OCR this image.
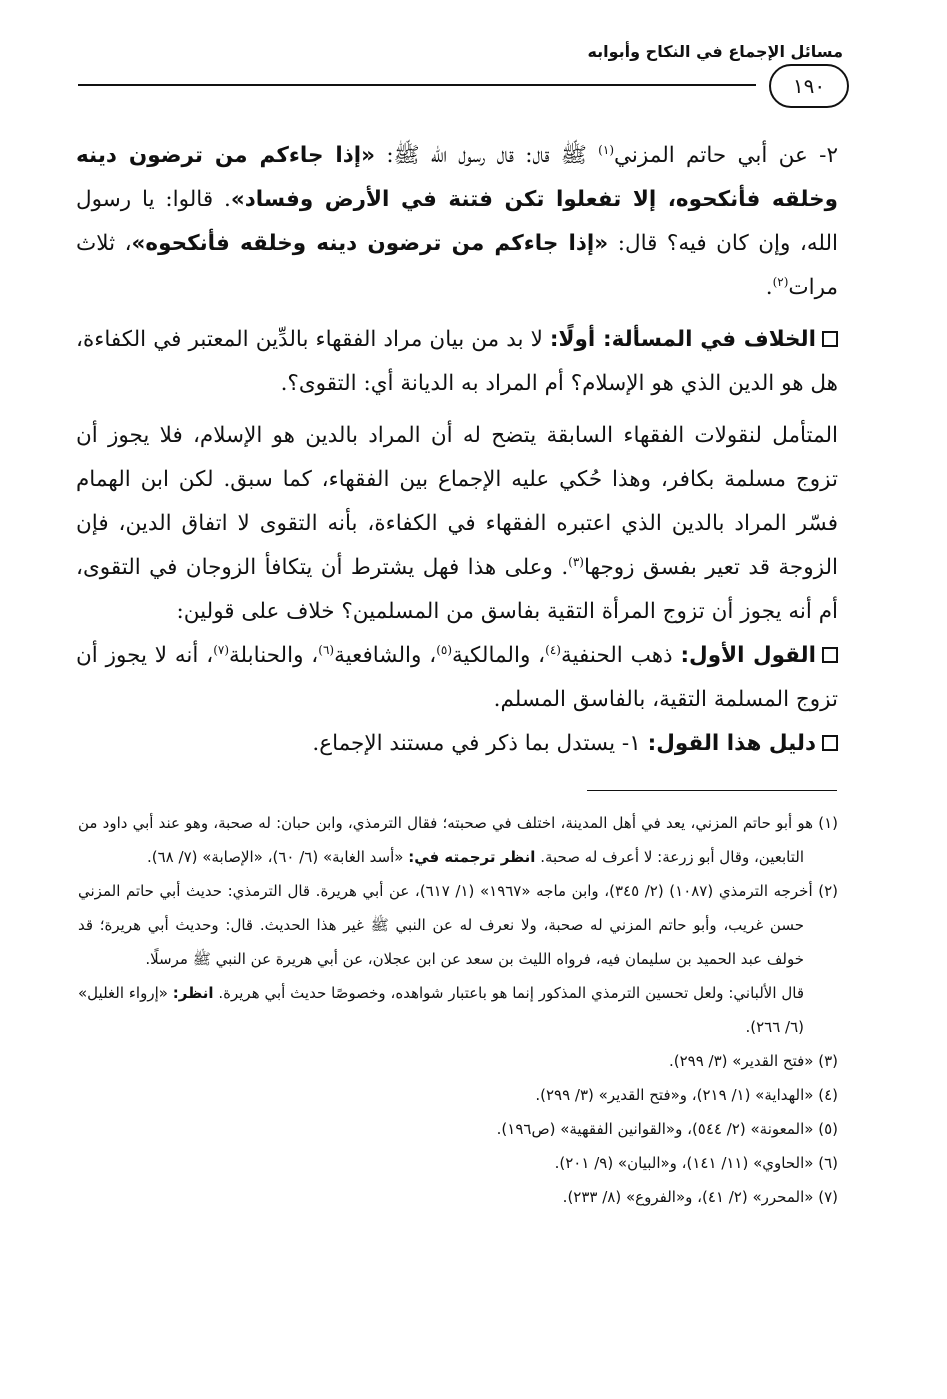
مسائل الإجماع في النكاح وأبوابه
١٩٠

٢- عن أبي حاتم المزني$^{(١)}$ ﷺ قال: قال رسول الله ﷺ: «إذا جاءكم من ترضون دينه وخلقه فأنكحوه، إلا تفعلوا تكن فتنة في الأرض وفساد». قالوا: يا رسول الله، وإن كان فيه؟ قال: «إذا جاءكم من ترضون دينه وخلقه فأنكحوه»، ثلاث مرات$^{(٢)}$.

الخلاف في المسألة: أولًا: لا بد من بيان مراد الفقهاء بالدِّين المعتبر في الكفاءة، هل هو الدين الذي هو الإسلام؟ أم المراد به الديانة أي: التقوى؟.

المتأمل لنقولات الفقهاء السابقة يتضح له أن المراد بالدين هو الإسلام، فلا يجوز أن تزوج مسلمة بكافر، وهذا حُكي عليه الإجماع بين الفقهاء، كما سبق. لكن ابن الهمام فسّر المراد بالدين الذي اعتبره الفقهاء في الكفاءة، بأنه التقوى لا اتفاق الدين، فإن الزوجة قد تعير بفسق زوجها$^{(٣)}$. وعلى هذا فهل يشترط أن يتكافأ الزوجان في التقوى، أم أنه يجوز أن تزوج المرأة التقية بفاسق من المسلمين؟ خلاف على قولين:

القول الأول: ذهب الحنفية$^{(٤)}$، والمالكية$^{(٥)}$، والشافعية$^{(٦)}$، والحنابلة$^{(٧)}$، أنه لا يجوز أن تزوج المسلمة التقية، بالفاسق المسلم.

دليل هذا القول: ١- يستدل بما ذكر في مستند الإجماع.

(١) هو أبو حاتم المزني، يعد في أهل المدينة، اختلف في صحبته؛ فقال الترمذي، وابن حبان: له صحبة، وهو عند أبي داود من التابعين، وقال أبو زرعة: لا أعرف له صحبة. انظر ترجمته في: «أسد الغابة» (٦/ ٦٠)، «الإصابة» (٧/ ٦٨).

(٢) أخرجه الترمذي (١٠٨٧) (٢/ ٣٤٥)، وابن ماجه «١٩٦٧» (١/ ٦١٧)، عن أبي هريرة. قال الترمذي: حديث أبي حاتم المزني حسن غريب، وأبو حاتم المزني له صحبة، ولا نعرف له عن النبي ﷺ غير هذا الحديث. قال: وحديث أبي هريرة؛ قد خولف عبد الحميد بن سليمان فيه، فرواه الليث بن سعد عن ابن عجلان، عن أبي هريرة عن النبي ﷺ مرسلًا.

قال الألباني: ولعل تحسين الترمذي المذكور إنما هو باعتبار شواهده، وخصوصًا حديث أبي هريرة. انظر: «إرواء الغليل» (٦/ ٢٦٦).

(٣) «فتح القدير» (٣/ ٢٩٩).

(٤) «الهداية» (١/ ٢١٩)، و«فتح القدير» (٣/ ٢٩٩).

(٥) «المعونة» (٢/ ٥٤٤)، و«القوانين الفقهية» (ص١٩٦).

(٦) «الحاوي» (١١/ ١٤١)، و«البيان» (٩/ ٢٠١).

(٧) «المحرر» (٢/ ٤١)، و«الفروع» (٨/ ٢٣٣).
